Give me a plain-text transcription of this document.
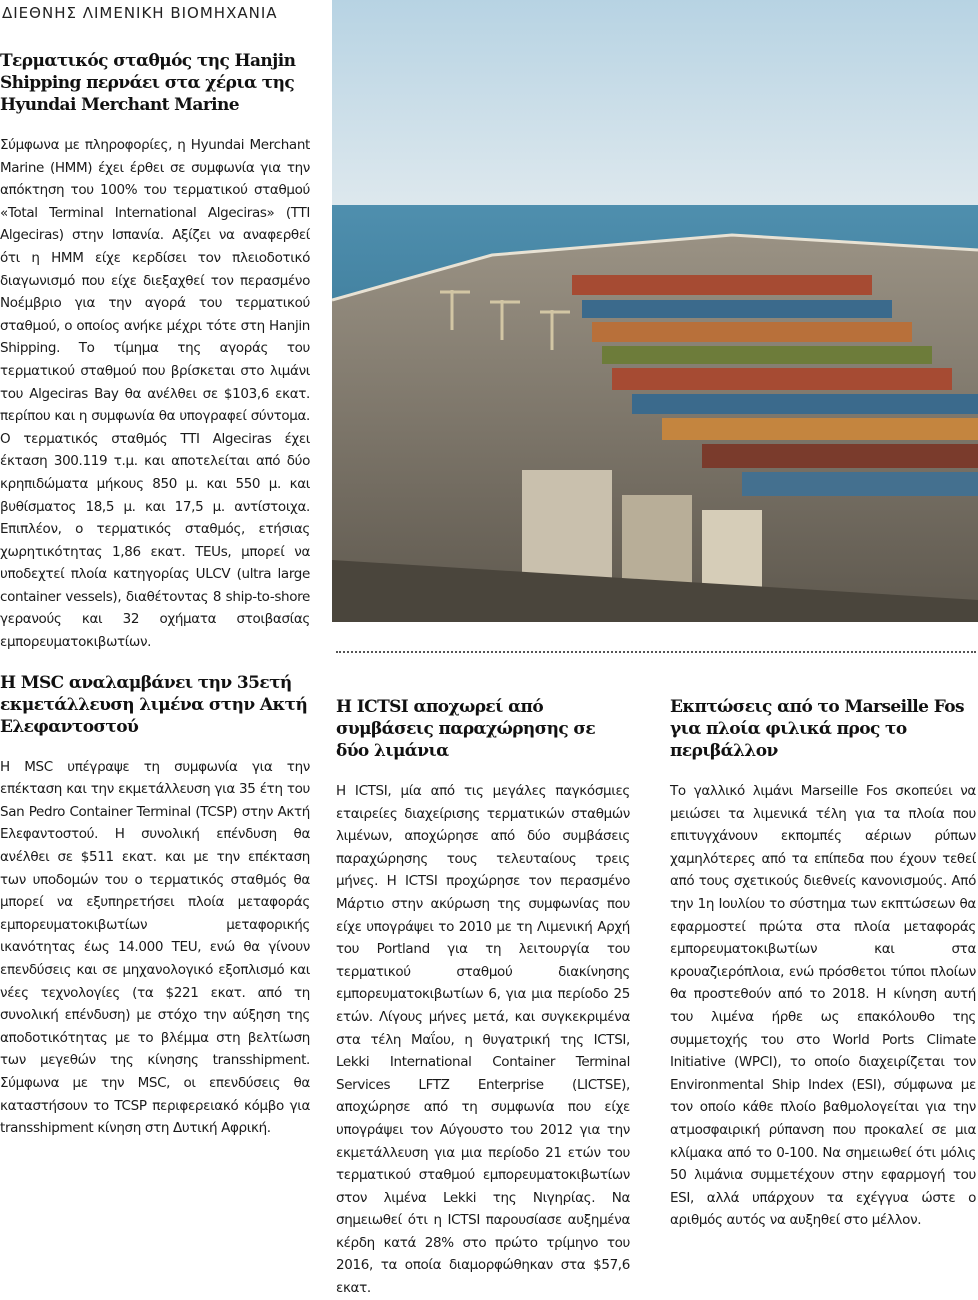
ΔΙΕΘΝΗΣ ΛΙΜΕΝΙΚΗ ΒΙΟΜΗΧΑΝΙΑ
Τερματικός σταθμός της Hanjin Shipping περνάει στα χέρια της Hyundai Merchant Marine

Σύμφωνα με πληροφορίες, η Hyundai Merchant Marine (HMM) έχει έρθει σε συμφωνία για την απόκτηση του 100% του τερματικού σταθμού «Total Terminal International Algeciras» (TTI Algeciras) στην Ισπανία. Αξίζει να αναφερθεί ότι η HMM είχε κερδίσει τον πλειοδοτικό διαγωνισμό που είχε διεξαχθεί τον περασμένο Νοέμβριο για την αγορά του τερματικού σταθμού, ο οποίος ανήκε μέχρι τότε στη Hanjin Shipping. Το τίμημα της αγοράς του τερματικού σταθμού που βρίσκεται στο λιμάνι του Algeciras Bay θα ανέλθει σε $103,6 εκατ. περίπου και η συμφωνία θα υπογραφεί σύντομα. Ο τερματικός σταθμός TTI Algeciras έχει έκταση 300.119 τ.μ. και αποτελείται από δύο κρηπιδώματα μήκους 850 μ. και 550 μ. και βυθίσματος 18,5 μ. και 17,5 μ. αντίστοιχα. Επιπλέον, ο τερματικός σταθμός, ετήσιας χωρητικότητας 1,86 εκατ. TEUs, μπορεί να υποδεχτεί πλοία κατηγορίας ULCV (ultra large container vessels), διαθέτοντας 8 ship-to-shore γερανούς και 32 οχήματα στοιβασίας εμπορευματοκιβωτίων.

Η MSC αναλαμβάνει την 35ετή εκμετάλλευση λιμένα στην Ακτή Ελεφαντοστού

Η MSC υπέγραψε τη συμφωνία για την επέκταση και την εκμετάλλευση για 35 έτη του San Pedro Container Terminal (TCSP) στην Ακτή Ελεφαντοστού. Η συνολική επένδυση θα ανέλθει σε $511 εκατ. και με την επέκταση των υποδομών του ο τερματικός σταθμός θα μπορεί να εξυπηρετήσει πλοία μεταφοράς εμπορευματοκιβωτίων μεταφορικής ικανότητας έως 14.000 TEU, ενώ θα γίνουν επενδύσεις και σε μηχανολογικό εξοπλισμό και νέες τεχνολογίες (τα $221 εκατ. από τη συνολική επένδυση) με στόχο την αύξηση της αποδοτικότητας με το βλέμμα στη βελτίωση των μεγεθών της κίνησης transshipment. Σύμφωνα με την MSC, οι επενδύσεις θα καταστήσουν το TCSP περιφερειακό κόμβο για transshipment κίνηση στη Δυτική Αφρική.

Η ICTSI αποχωρεί από συμβάσεις παραχώρησης σε δύο λιμάνια

Η ICTSI, μία από τις μεγάλες παγκόσμιες εταιρείες διαχείρισης τερματικών σταθμών λιμένων, αποχώρησε από δύο συμβάσεις παραχώρησης τους τελευταίους τρεις μήνες. Η ICTSI προχώρησε τον περασμένο Μάρτιο στην ακύρωση της συμφωνίας που είχε υπογράψει το 2010 με τη Λιμενική Αρχή του Portland για τη λειτουργία του τερματικού σταθμού διακίνησης εμπορευματοκιβωτίων 6, για μια περίοδο 25 ετών. Λίγους μήνες μετά, και συγκεκριμένα στα τέλη Μαΐου, η θυγατρική της ICTSI, Lekki International Container Terminal Services LFTZ Enterprise (LICTSE), αποχώρησε από τη συμφωνία που είχε υπογράψει τον Αύγουστο του 2012 για την εκμετάλλευση για μια περίοδο 21 ετών του τερματικού σταθμού εμπορευματοκιβωτίων στον λιμένα Lekki της Νιγηρίας. Να σημειωθεί ότι η ICTSI παρουσίασε αυξημένα κέρδη κατά 28% στο πρώτο τρίμηνο του 2016, τα οποία διαμορφώθηκαν στα $57,6 εκατ.

Εκπτώσεις από το Marseille Fos για πλοία φιλικά προς το περιβάλλον

Το γαλλικό λιμάνι Marseille Fos σκοπεύει να μειώσει τα λιμενικά τέλη για τα πλοία που επιτυγχάνουν εκπομπές αέριων ρύπων χαμηλότερες από τα επίπεδα που έχουν τεθεί από τους σχετικούς διεθνείς κανονισμούς. Από την 1η Ιουλίου το σύστημα των εκπτώσεων θα εφαρμοστεί πρώτα στα πλοία μεταφοράς εμπορευματοκιβωτίων και στα κρουαζιερόπλοια, ενώ πρόσθετοι τύποι πλοίων θα προστεθούν από το 2018. Η κίνηση αυτή του λιμένα ήρθε ως επακόλουθο της συμμετοχής του στο World Ports Climate Initiative (WPCI), το οποίο διαχειρίζεται τον Environmental Ship Index (ESI), σύμφωνα με τον οποίο κάθε πλοίο βαθμολογείται για την ατμοσφαιρική ρύπανση που προκαλεί σε μια κλίμακα από το 0-100. Να σημειωθεί ότι μόλις 50 λιμάνια συμμετέχουν στην εφαρμογή του ESI, αλλά υπάρχουν τα εχέγγυα ώστε ο αριθμός αυτός να αυξηθεί στο μέλλον.
